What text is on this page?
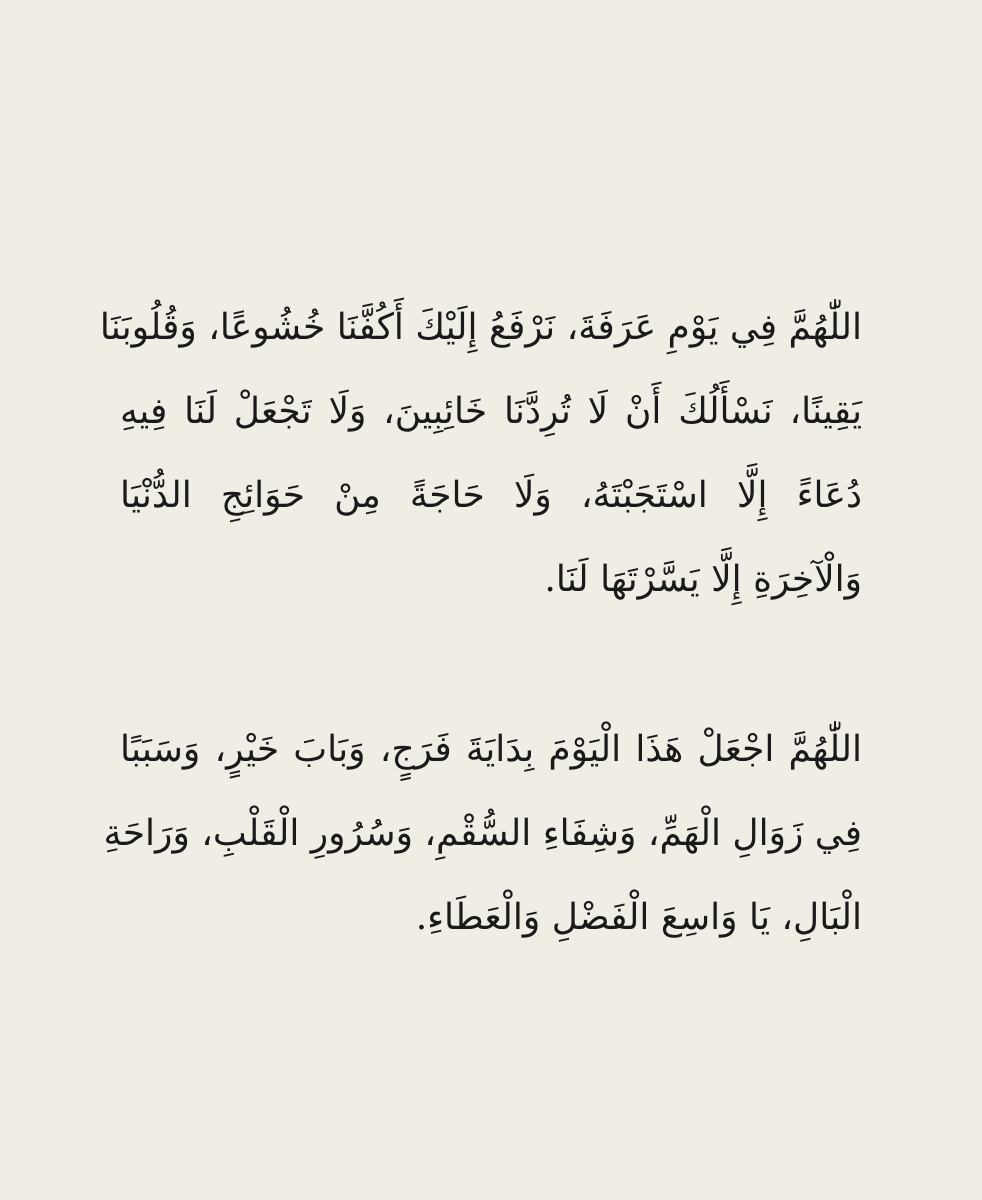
اللّٰهُمَّ فِي يَوْمِ عَرَفَةَ، نَرْفَعُ إِلَيْكَ أَكُفَّنَا خُشُوعًا، وَقُلُوبَنَا
يَقِينًا، نَسْأَلُكَ أَنْ لَا تُرِدَّنَا خَائِبِينَ، وَلَا تَجْعَلْ لَنَا فِيهِ
دُعَاءً إِلَّا اسْتَجَبْتَهُ، وَلَا حَاجَةً مِنْ حَوَائِجِ الدُّنْيَا
وَالْآخِرَةِ إِلَّا يَسَّرْتَهَا لَنَا.
اللّٰهُمَّ اجْعَلْ هَذَا الْيَوْمَ بِدَايَةَ فَرَجٍ، وَبَابَ خَيْرٍ، وَسَبَبًا
فِي زَوَالِ الْهَمِّ، وَشِفَاءِ السُّقْمِ، وَسُرُورِ الْقَلْبِ، وَرَاحَةِ
الْبَالِ، يَا وَاسِعَ الْفَضْلِ وَالْعَطَاءِ.
